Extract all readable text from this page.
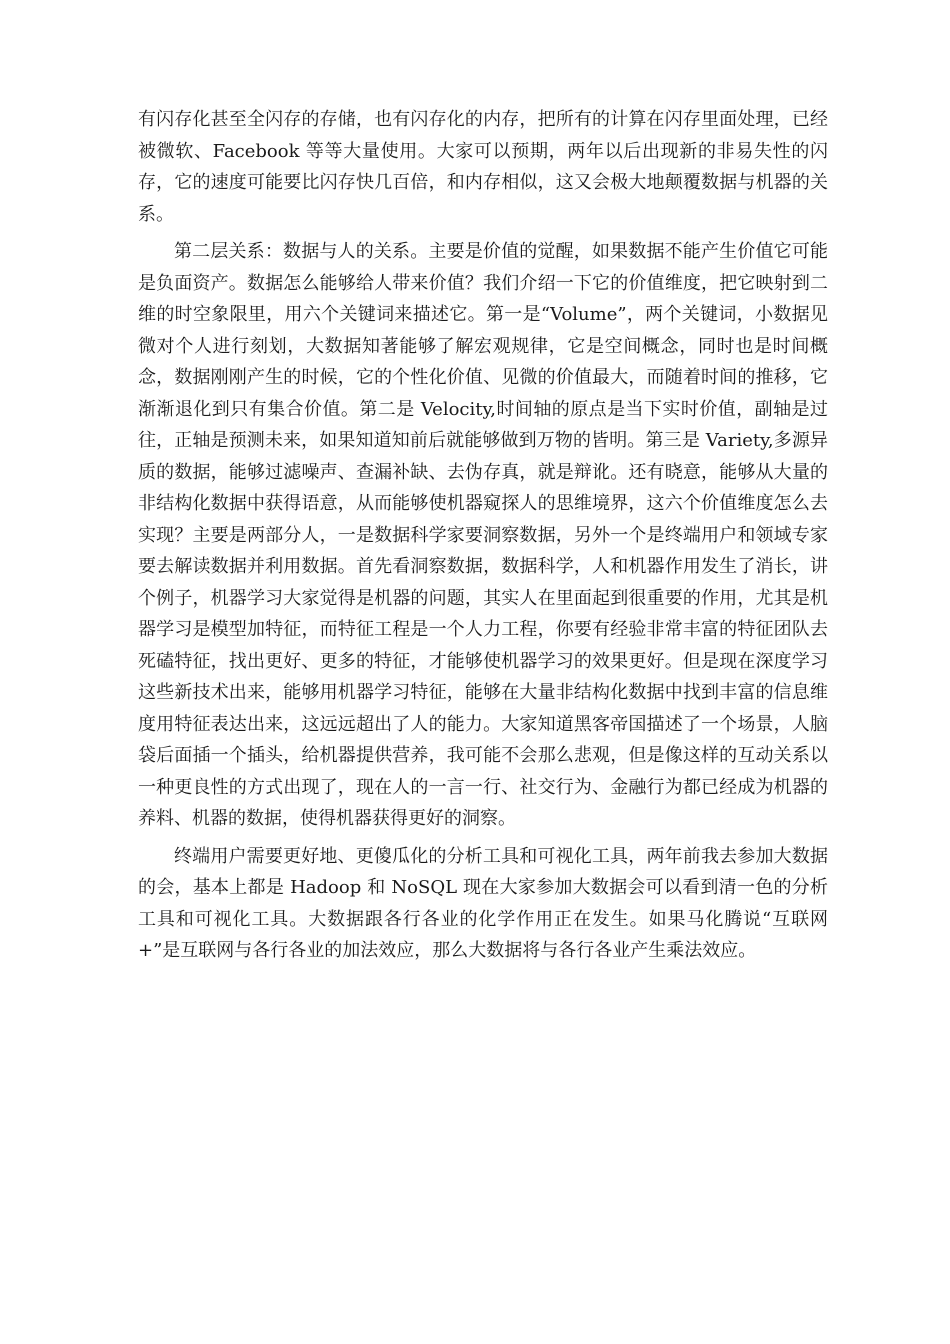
有闪存化甚至全闪存的存储，也有闪存化的内存，把所有的计算在闪存里面处理，已经被微软、Facebook 等等大量使用。大家可以预期，两年以后出现新的非易失性的闪存，它的速度可能要比闪存快几百倍，和内存相似，这又会极大地颠覆数据与机器的关系。

第二层关系：数据与人的关系。主要是价值的觉醒，如果数据不能产生价值它可能是负面资产。数据怎么能够给人带来价值？我们介绍一下它的价值维度，把它映射到二维的时空象限里，用六个关键词来描述它。第一是“Volume”，两个关键词，小数据见微对个人进行刻划，大数据知著能够了解宏观规律，它是空间概念，同时也是时间概念，数据刚刚产生的时候，它的个性化价值、见微的价值最大，而随着时间的推移，它渐渐退化到只有集合价值。第二是 Velocity,时间轴的原点是当下实时价值，副轴是过往，正轴是预测未来，如果知道知前后就能够做到万物的皆明。第三是 Variety,多源异质的数据，能够过滤噪声、查漏补缺、去伪存真，就是辩讹。还有晓意，能够从大量的非结构化数据中获得语意，从而能够使机器窥探人的思维境界，这六个价值维度怎么去实现？主要是两部分人，一是数据科学家要洞察数据，另外一个是终端用户和领域专家要去解读数据并利用数据。首先看洞察数据，数据科学，人和机器作用发生了消长，讲个例子，机器学习大家觉得是机器的问题，其实人在里面起到很重要的作用，尤其是机器学习是模型加特征，而特征工程是一个人力工程，你要有经验非常丰富的特征团队去死磕特征，找出更好、更多的特征，才能够使机器学习的效果更好。但是现在深度学习这些新技术出来，能够用机器学习特征，能够在大量非结构化数据中找到丰富的信息维度用特征表达出来，这远远超出了人的能力。大家知道黑客帝国描述了一个场景，人脑袋后面插一个插头，给机器提供营养，我可能不会那么悲观，但是像这样的互动关系以一种更良性的方式出现了，现在人的一言一行、社交行为、金融行为都已经成为机器的养料、机器的数据，使得机器获得更好的洞察。

终端用户需要更好地、更傻瓜化的分析工具和可视化工具，两年前我去参加大数据的会，基本上都是 Hadoop 和 NoSQL 现在大家参加大数据会可以看到清一色的分析工具和可视化工具。大数据跟各行各业的化学作用正在发生。如果马化腾说“互联网+”是互联网与各行各业的加法效应，那么大数据将与各行各业产生乘法效应。
